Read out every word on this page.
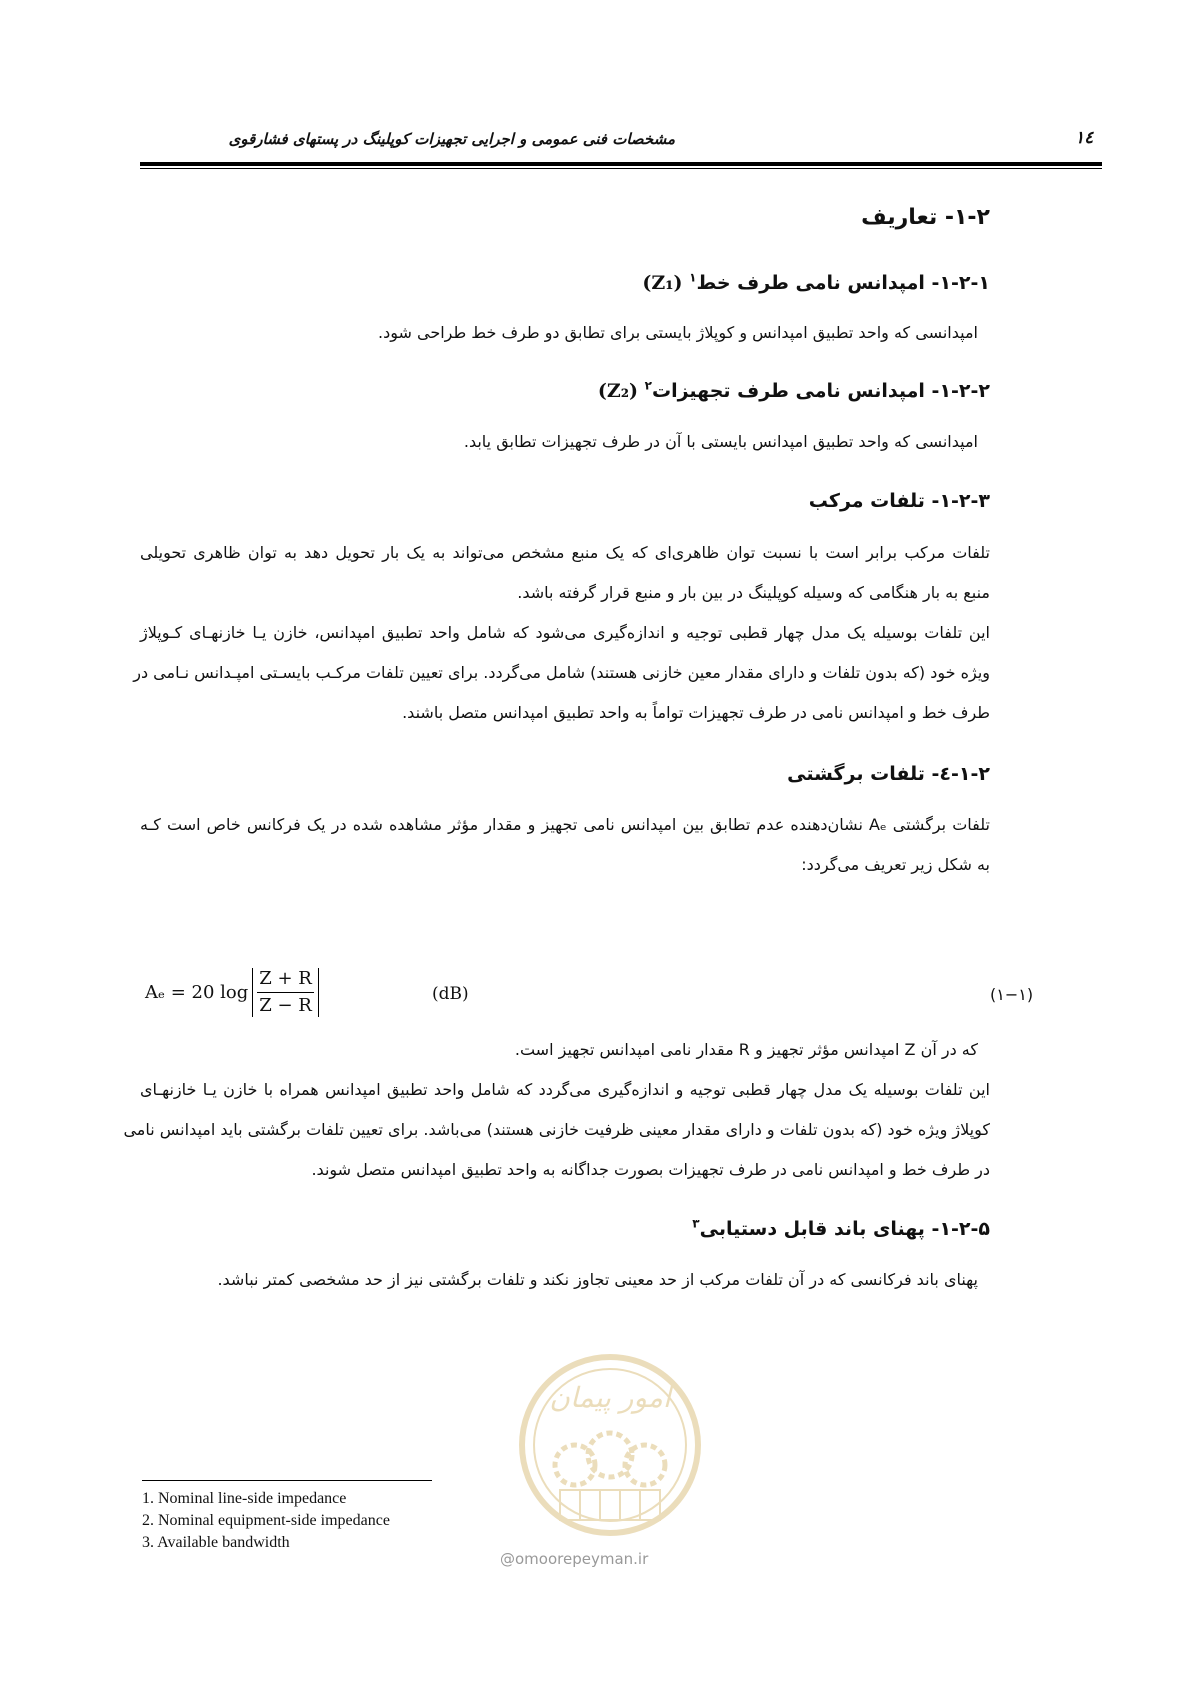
مشخصات فنی عمومی و اجرایی تجهیزات کوپلینگ در پستهای فشارقوی	۱٤
۱-۲- تعاریف
۱-۲-۱- امپدانس نامی طرف خط$^۱$ (Z₁)
امپدانسی که واحد تطبیق امپدانس و کوپلاژ بایستی برای تطابق دو طرف خط طراحی شود.
۱-۲-۲- امپدانس نامی طرف تجهیزات$^۲$ (Z₂)
امپدانسی که واحد تطبیق امپدانس بایستی با آن در طرف تجهیزات تطابق یابد.
۱-۲-۳- تلفات مرکب
تلفات مرکب برابر است با نسبت توان ظاهری‌ای که یک منبع مشخص می‌تواند به یک بار تحویل دهد به توان ظاهری تحویلی
منبع به بار هنگامی که وسیله کوپلینگ در بین بار و منبع قرار گرفته باشد.
این تلفات بوسیله یک مدل چهار قطبی توجیه و اندازه‌گیری می‌شود که شامل واحد تطبیق امپدانس، خازن یـا خازنهـای کـوپلاژ
ویژه خود (که بدون تلفات و دارای مقدار معین خازنی هستند) شامل می‌گردد. برای تعیین تلفات مرکـب بایسـتی امپـدانس نـامی در
طرف خط و امپدانس نامی در طرف تجهیزات تواماً به واحد تطبیق امپدانس متصل باشند.
۱-۲-٤- تلفات برگشتی
تلفات برگشتی Aₑ نشان‌دهنده عدم تطابق بین امپدانس نامی تجهیز و مقدار مؤثر مشاهده شده در یک فرکانس خاص است کـه
به شکل زیر تعریف می‌گردد:
Aₑ = 20 $\log \frac{Z + R}{Z - R}$	(dB)	(۱−۱)
که در آن Z امپدانس مؤثر تجهیز و R مقدار نامی امپدانس تجهیز است.
این تلفات بوسیله یک مدل چهار قطبی توجیه و اندازه‌گیری می‌گردد که شامل واحد تطبیق امپدانس همراه با خازن یـا خازنهـای
کوپلاژ ویژه خود (که بدون تلفات و دارای مقدار معینی ظرفیت خازنی هستند) می‌باشد. برای تعیین تلفات برگشتی باید امپدانس نامی
در طرف خط و امپدانس نامی در طرف تجهیزات بصورت جداگانه به واحد تطبیق امپدانس متصل شوند.
۱-۲-۵- پهنای باند قابل دستیابی$^۳$
پهنای باند فرکانسی که در آن تلفات مرکب از حد معینی تجاوز نکند و تلفات برگشتی نیز از حد مشخصی کمتر نباشد.
امور پیمان
@omoorepeyman.ir
1. Nominal line-side impedance
2. Nominal equipment-side impedance
3. Available bandwidth
